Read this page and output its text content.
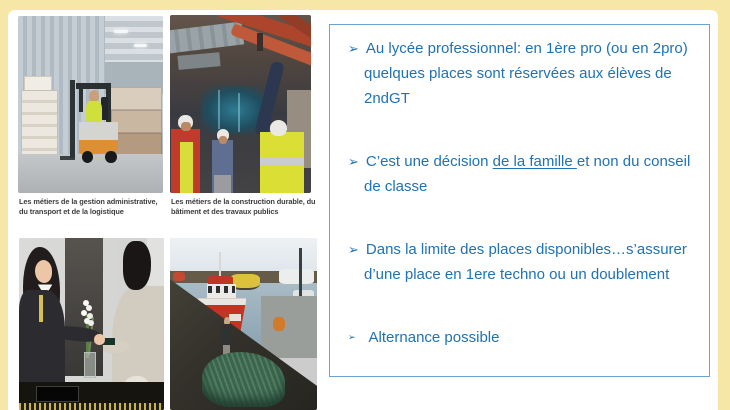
Les métiers de la gestion administrative, du transport et de la logistique
Les métiers de la construction durable, du bâtiment et des travaux publics
➢ Au lycée professionnel: en 1ère pro (ou en 2pro) quelques places sont réservées aux élèves de 2ndGT
➢ C’est une décision de la famille et non du conseil de classe
➢ Dans la limite des places disponibles…s’assurer d’une place en 1ere techno ou un doublement
➢ Alternance possible
